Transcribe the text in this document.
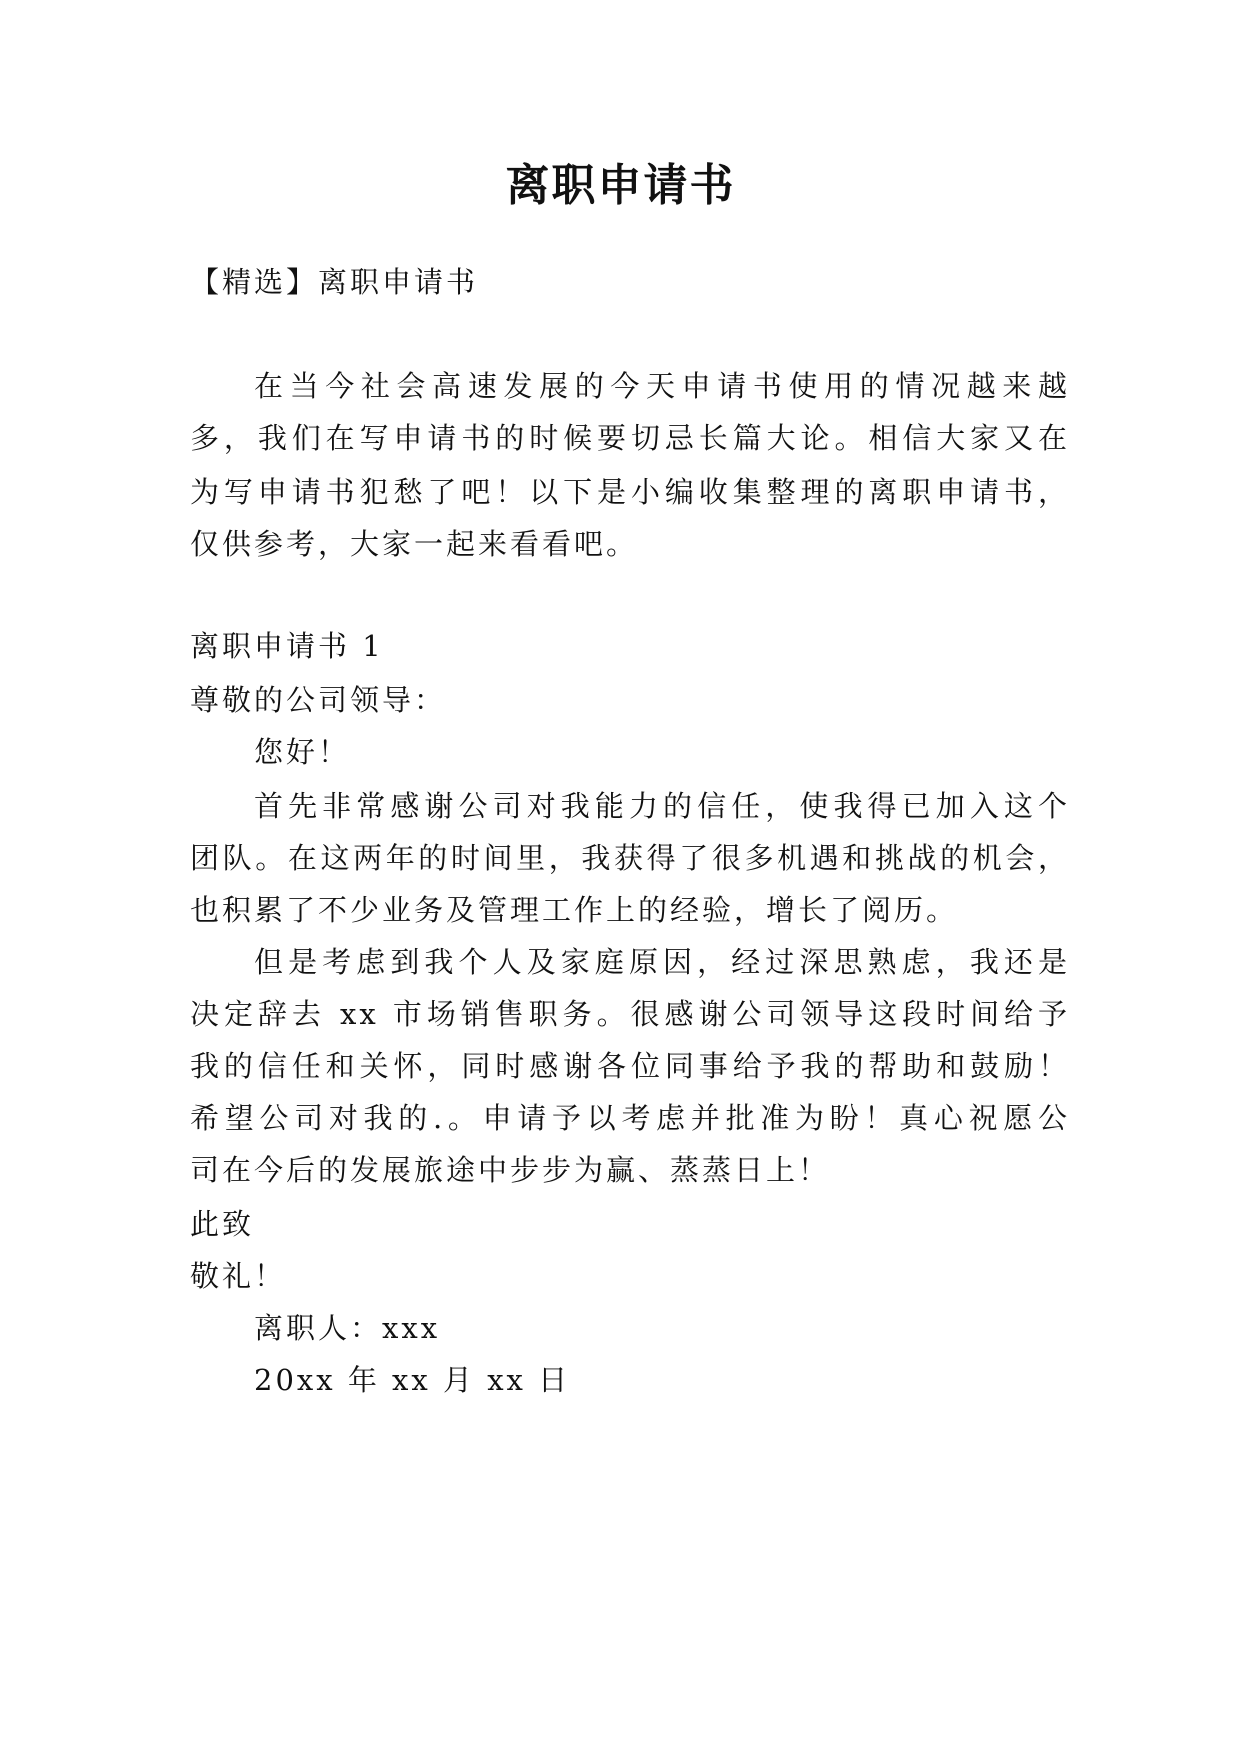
离职申请书
【精选】离职申请书
在当今社会高速发展的今天申请书使用的情况越来越
多，我们在写申请书的时候要切忌长篇大论。相信大家又在
为写申请书犯愁了吧！以下是小编收集整理的离职申请书，
仅供参考，大家一起来看看吧。
离职申请书 1
尊敬的公司领导：
您好！
首先非常感谢公司对我能力的信任，使我得已加入这个
团队。在这两年的时间里，我获得了很多机遇和挑战的机会，
也积累了不少业务及管理工作上的经验，增长了阅历。
但是考虑到我个人及家庭原因，经过深思熟虑，我还是
决定辞去 xx 市场销售职务。很感谢公司领导这段时间给予
我的信任和关怀，同时感谢各位同事给予我的帮助和鼓励！
希望公司对我的.。申请予以考虑并批准为盼！真心祝愿公
司在今后的发展旅途中步步为赢、蒸蒸日上！
此致
敬礼！
离职人：xxx
20xx 年 xx 月 xx 日
